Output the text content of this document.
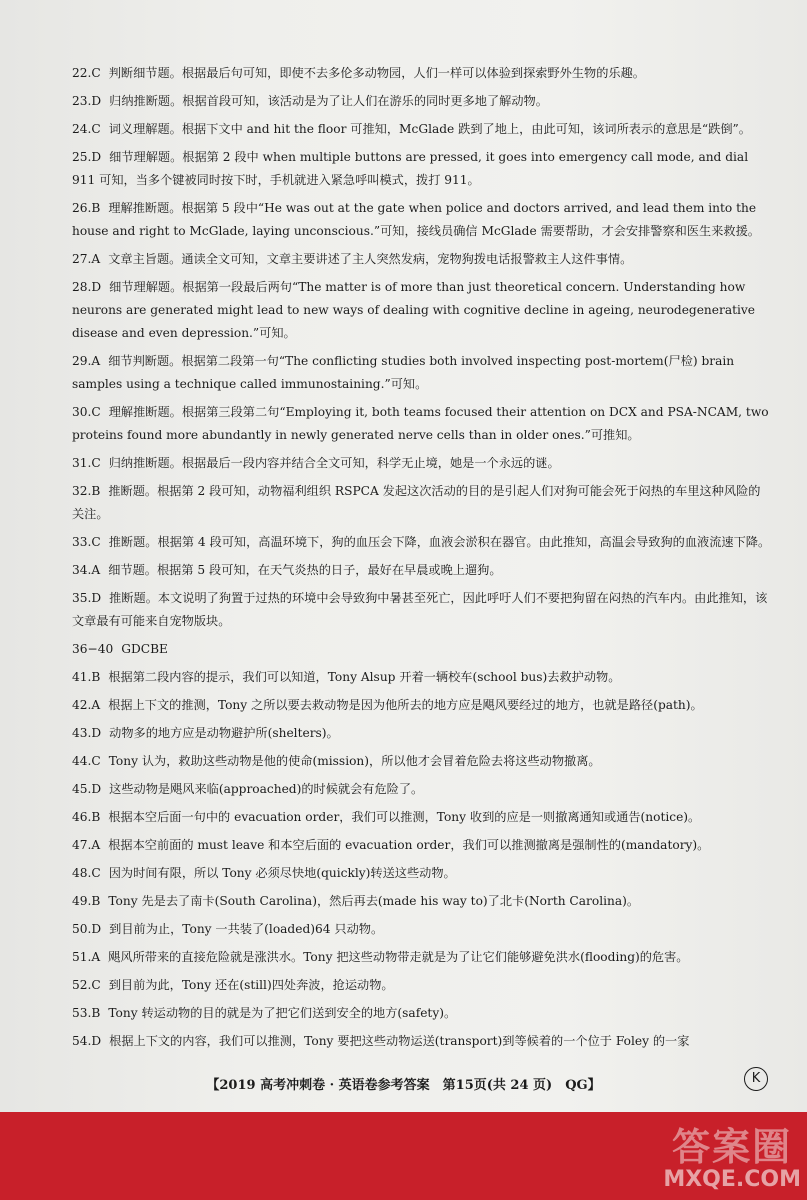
22.C 判断细节题。根据最后句可知，即使不去多伦多动物园，人们一样可以体验到探索野外生物的乐趣。
23.D 归纳推断题。根据首段可知，该活动是为了让人们在游乐的同时更多地了解动物。
24.C 词义理解题。根据下文中 and hit the floor 可推知，McGlade 跌到了地上，由此可知，该词所表示的意思是“跌倒”。
25.D 细节理解题。根据第 2 段中 when multiple buttons are pressed, it goes into emergency call mode, and dial 911 可知，当多个键被同时按下时，手机就进入紧急呼叫模式，拨打 911。
26.B 理解推断题。根据第 5 段中“He was out at the gate when police and doctors arrived, and lead them into the house and right to McGlade, laying unconscious.”可知，接线员确信 McGlade 需要帮助，才会安排警察和医生来救援。
27.A 文章主旨题。通读全文可知，文章主要讲述了主人突然发病，宠物狗拨电话报警救主人这件事情。
28.D 细节理解题。根据第一段最后两句“The matter is of more than just theoretical concern. Understanding how neurons are generated might lead to new ways of dealing with cognitive decline in ageing, neurodegenerative disease and even depression.”可知。
29.A 细节判断题。根据第二段第一句“The conflicting studies both involved inspecting post-mortem(尸检) brain samples using a technique called immunostaining.”可知。
30.C 理解推断题。根据第三段第二句“Employing it, both teams focused their attention on DCX and PSA-NCAM, two proteins found more abundantly in newly generated nerve cells than in older ones.”可推知。
31.C 归纳推断题。根据最后一段内容并结合全文可知，科学无止境，她是一个永远的谜。
32.B 推断题。根据第 2 段可知，动物福利组织 RSPCA 发起这次活动的目的是引起人们对狗可能会死于闷热的车里这种风险的关注。
33.C 推断题。根据第 4 段可知，高温环境下，狗的血压会下降，血液会淤积在器官。由此推知，高温会导致狗的血液流速下降。
34.A 细节题。根据第 5 段可知，在天气炎热的日子，最好在早晨或晚上遛狗。
35.D 推断题。本文说明了狗置于过热的环境中会导致狗中暑甚至死亡，因此呼吁人们不要把狗留在闷热的汽车内。由此推知，该文章最有可能来自宠物版块。
36−40 GDCBE
41.B 根据第二段内容的提示，我们可以知道，Tony Alsup 开着一辆校车(school bus)去救护动物。
42.A 根据上下文的推测，Tony 之所以要去救动物是因为他所去的地方应是飓风要经过的地方，也就是路径(path)。
43.D 动物多的地方应是动物避护所(shelters)。
44.C Tony 认为，救助这些动物是他的使命(mission)，所以他才会冒着危险去将这些动物撤离。
45.D 这些动物是飓风来临(approached)的时候就会有危险了。
46.B 根据本空后面一句中的 evacuation order，我们可以推测，Tony 收到的应是一则撤离通知或通告(notice)。
47.A 根据本空前面的 must leave 和本空后面的 evacuation order，我们可以推测撤离是强制性的(mandatory)。
48.C 因为时间有限，所以 Tony 必须尽快地(quickly)转送这些动物。
49.B Tony 先是去了南卡(South Carolina)，然后再去(made his way to)了北卡(North Carolina)。
50.D 到目前为止，Tony 一共装了(loaded)64 只动物。
51.A 飓风所带来的直接危险就是涨洪水。Tony 把这些动物带走就是为了让它们能够避免洪水(flooding)的危害。
52.C 到目前为此，Tony 还在(still)四处奔波，抢运动物。
53.B Tony 转运动物的目的就是为了把它们送到安全的地方(safety)。
54.D 根据上下文的内容，我们可以推测，Tony 要把这些动物运送(transport)到等候着的一个位于 Foley 的一家
【2019 高考冲刺卷 · 英语卷参考答案　第15页(共 24 页)　QG】	K
答案圈
MXQE.COM
